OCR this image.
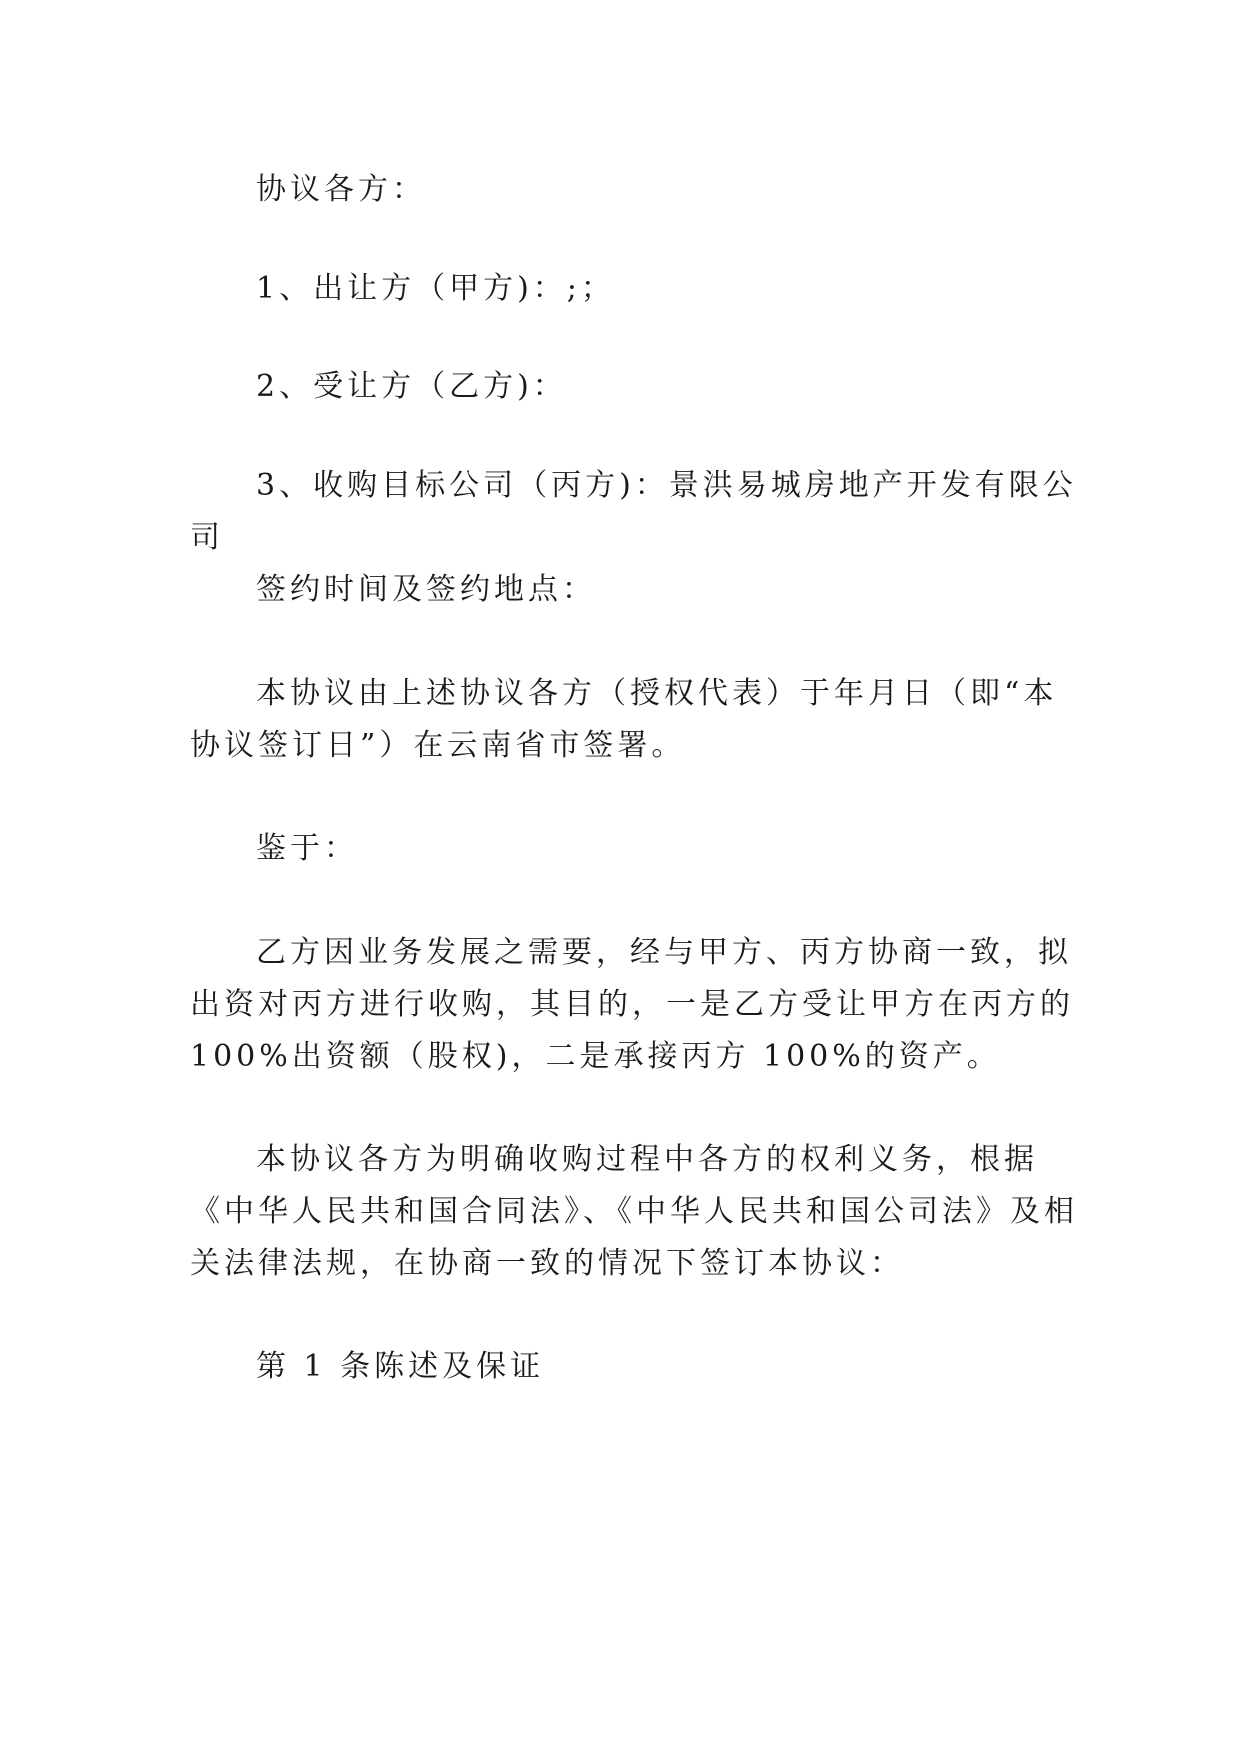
协议各方：
1、出让方（甲方)：;；
2、受让方（乙方)：
3、收购目标公司（丙方)：景洪易城房地产开发有限公
司
签约时间及签约地点：
本协议由上述协议各方（授权代表）于年月日（即“本
协议签订日”）在云南省市签署。
鉴于：
乙方因业务发展之需要，经与甲方、丙方协商一致，拟
出资对丙方进行收购，其目的，一是乙方受让甲方在丙方的
100%出资额（股权)，二是承接丙方 100%的资产。
本协议各方为明确收购过程中各方的权利义务，根据
《中华人民共和国合同法》、《中华人民共和国公司法》及相
关法律法规，在协商一致的情况下签订本协议：
第 1 条陈述及保证
